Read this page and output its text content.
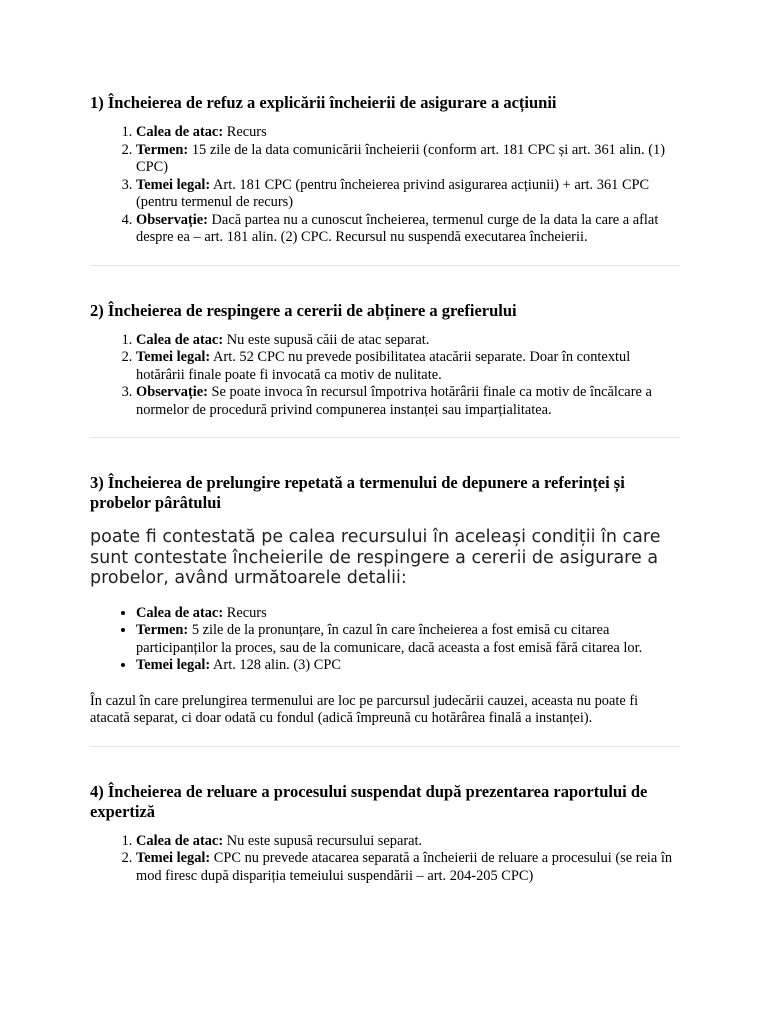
1) Încheierea de refuz a explicării încheierii de asigurare a acțiunii
1. Calea de atac: Recurs
2. Termen: 15 zile de la data comunicării încheierii (conform art. 181 CPC și art. 361 alin. (1) CPC)
3. Temei legal: Art. 181 CPC (pentru încheierea privind asigurarea acțiunii) + art. 361 CPC (pentru termenul de recurs)
4. Observație: Dacă partea nu a cunoscut încheierea, termenul curge de la data la care a aflat despre ea – art. 181 alin. (2) CPC. Recursul nu suspendă executarea încheierii.
2) Încheierea de respingere a cererii de abținere a grefierului
1. Calea de atac: Nu este supusă căii de atac separat.
2. Temei legal: Art. 52 CPC nu prevede posibilitatea atacării separate. Doar în contextul hotărârii finale poate fi invocată ca motiv de nulitate.
3. Observație: Se poate invoca în recursul împotriva hotărârii finale ca motiv de încălcare a normelor de procedură privind compunerea instanței sau imparțialitatea.
3) Încheierea de prelungire repetată a termenului de depunere a referinței și probelor pârâtului

poate fi contestată pe calea recursului în aceleași condiții în care sunt contestate încheierile de respingere a cererii de asigurare a probelor, având următoarele detalii:

• Calea de atac: Recurs
• Termen: 5 zile de la pronunțare, în cazul în care încheierea a fost emisă cu citarea participanților la proces, sau de la comunicare, dacă aceasta a fost emisă fără citarea lor.
• Temei legal: Art. 128 alin. (3) CPC

În cazul în care prelungirea termenului are loc pe parcursul judecării cauzei, aceasta nu poate fi atacată separat, ci doar odată cu fondul (adică împreună cu hotărârea finală a instanței).

4) Încheierea de reluare a procesului suspendat după prezentarea raportului de expertiză
1. Calea de atac: Nu este supusă recursului separat.
2. Temei legal: CPC nu prevede atacarea separată a încheierii de reluare a procesului (se reia în mod firesc după dispariția temeiului suspendării – art. 204-205 CPC)
